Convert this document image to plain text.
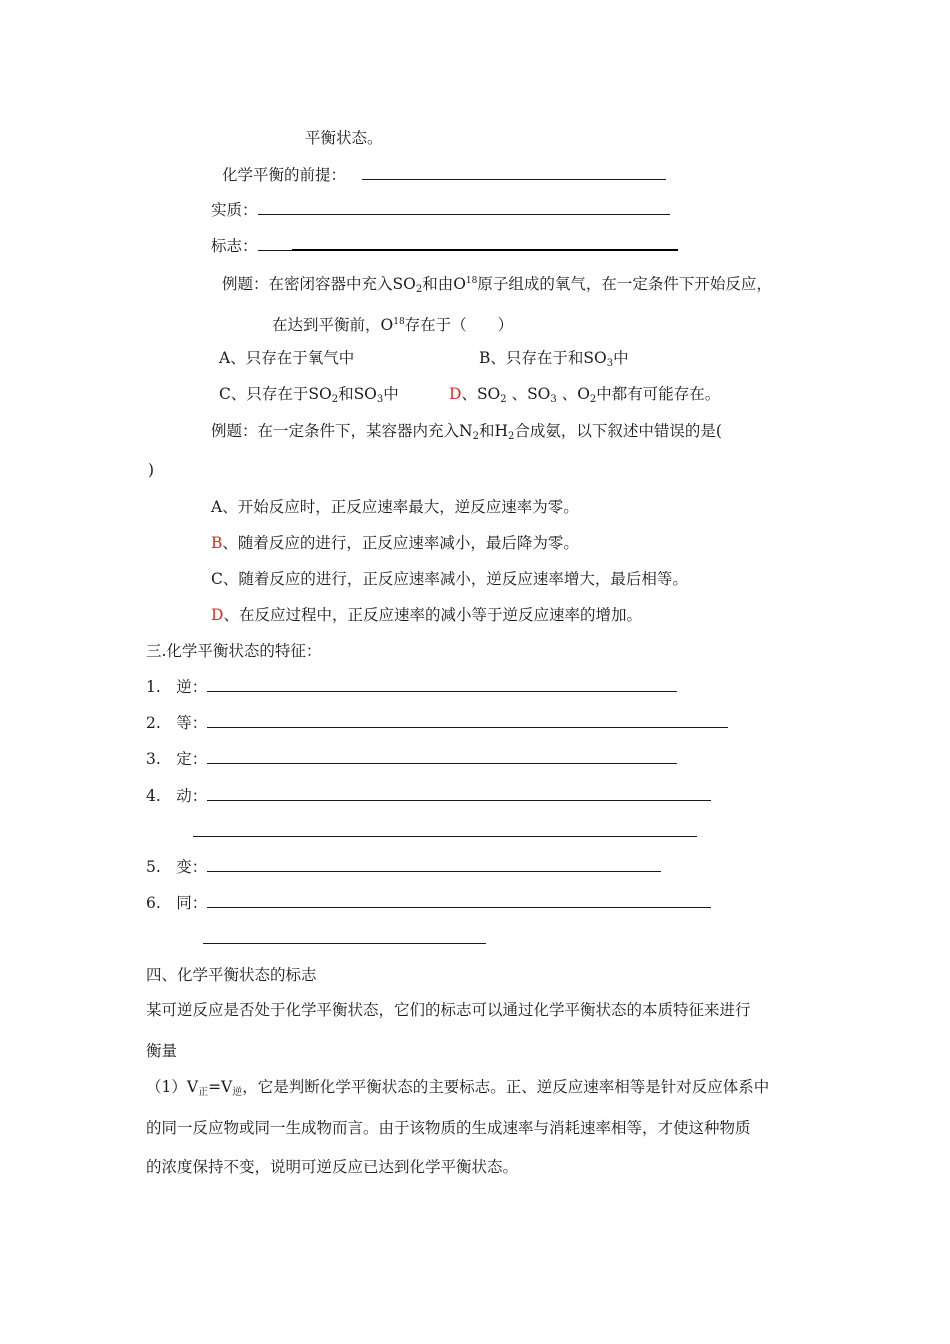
平衡状态。
化学平衡的前提：
实质：
标志：
例题：在密闭容器中充入$SO_2$和由$O^{18}$原子组成的氧气，在一定条件下开始反应，
在达到平衡前，$O^{18}$存在于（　　）
A、只存在于氧气中	B、只存在于和$SO_3$中
C、只存在于$SO_2$和$SO_3$中	D、$SO_2$ 、$SO_3$ 、$O_2$中都有可能存在。
例题：在一定条件下，某容器内充入$N_2$和$H_2$合成氨，以下叙述中错误的是(
)
A、开始反应时，正反应速率最大，逆反应速率为零。
B、随着反应的进行，正反应速率减小，最后降为零。
C、随着反应的进行，正反应速率减小，逆反应速率增大，最后相等。
D、在反应过程中，正反应速率的减小等于逆反应速率的增加。
三.化学平衡状态的特征：
1.　逆：
2.　等：
3.　定：
4.　动：
5.　变：
6.　同：
四、化学平衡状态的标志
某可逆反应是否处于化学平衡状态，它们的标志可以通过化学平衡状态的本质特征来进行
衡量
$(1)V_正=V_逆$，它是判断化学平衡状态的主要标志。正、逆反应速率相等是针对反应体系中
的同一反应物或同一生成物而言。由于该物质的生成速率与消耗速率相等，才使这种物质
的浓度保持不变，说明可逆反应已达到化学平衡状态。
